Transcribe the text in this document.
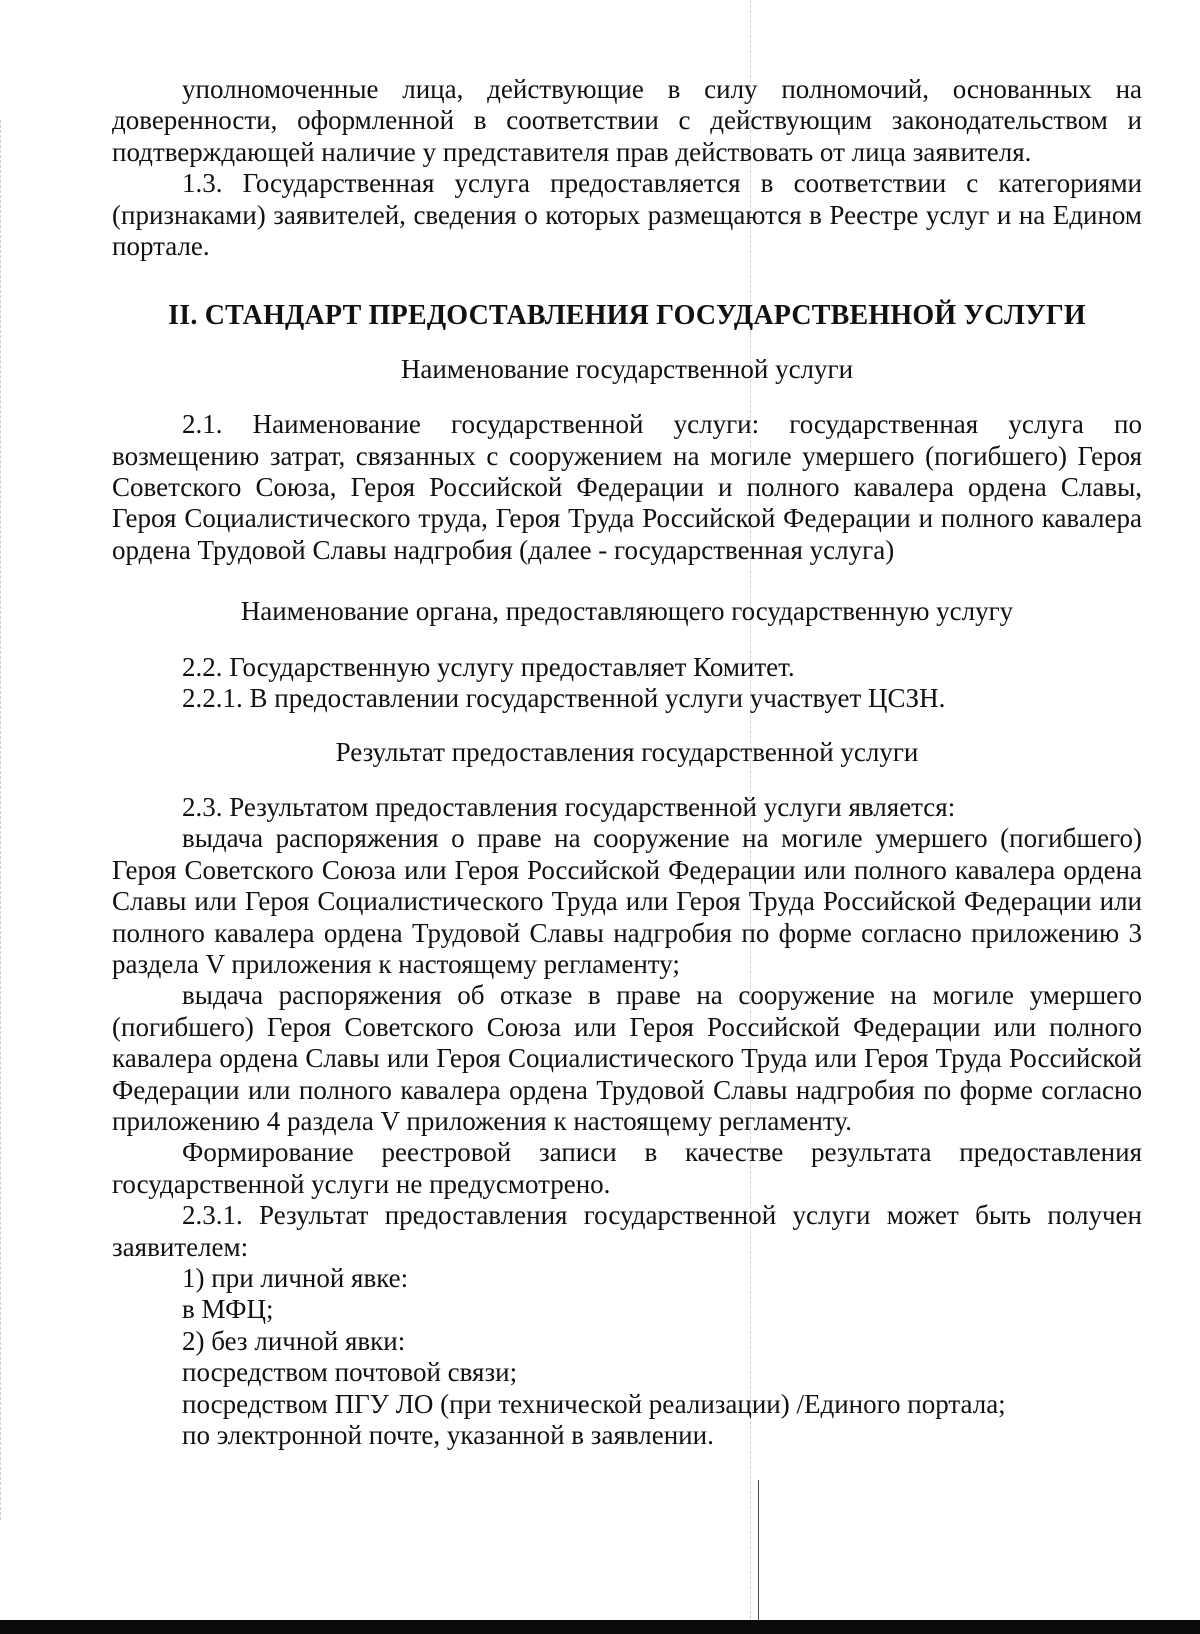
уполномоченные лица, действующие в силу полномочий, основанных на доверенности, оформленной в соответствии с действующим законодательством и подтверждающей наличие у представителя прав действовать от лица заявителя.

1.3. Государственная услуга предоставляется в соответствии с категориями (признаками) заявителей, сведения о которых размещаются в Реестре услуг и на Едином портале.

II. СТАНДАРТ ПРЕДОСТАВЛЕНИЯ ГОСУДАРСТВЕННОЙ УСЛУГИ
Наименование государственной услуги

2.1. Наименование государственной услуги: государственная услуга по возмещению затрат, связанных с сооружением на могиле умершего (погибшего) Героя Советского Союза, Героя Российской Федерации и полного кавалера ордена Славы, Героя Социалистического труда, Героя Труда Российской Федерации и полного кавалера ордена Трудовой Славы надгробия (далее - государственная услуга)

Наименование органа, предоставляющего государственную услугу

2.2. Государственную услугу предоставляет Комитет.

2.2.1. В предоставлении государственной услуги участвует ЦСЗН.

Результат предоставления государственной услуги

2.3. Результатом предоставления государственной услуги является:

выдача распоряжения о праве на сооружение на могиле умершего (погибшего) Героя Советского Союза или Героя Российской Федерации или полного кавалера ордена Славы или Героя Социалистического Труда или Героя Труда Российской Федерации или полного кавалера ордена Трудовой Славы надгробия по форме согласно приложению 3 раздела V приложения к настоящему регламенту;

выдача распоряжения об отказе в праве на сооружение на могиле умершего (погибшего) Героя Советского Союза или Героя Российской Федерации или полного кавалера ордена Славы или Героя Социалистического Труда или Героя Труда Российской Федерации или полного кавалера ордена Трудовой Славы надгробия по форме согласно приложению 4 раздела V приложения к настоящему регламенту.

Формирование реестровой записи в качестве результата предоставления государственной услуги не предусмотрено.

2.3.1. Результат предоставления государственной услуги может быть получен заявителем:

1) при личной явке:

в МФЦ;

2) без личной явки:

посредством почтовой связи;

посредством ПГУ ЛО (при технической реализации) /Единого портала;

по электронной почте, указанной в заявлении.
